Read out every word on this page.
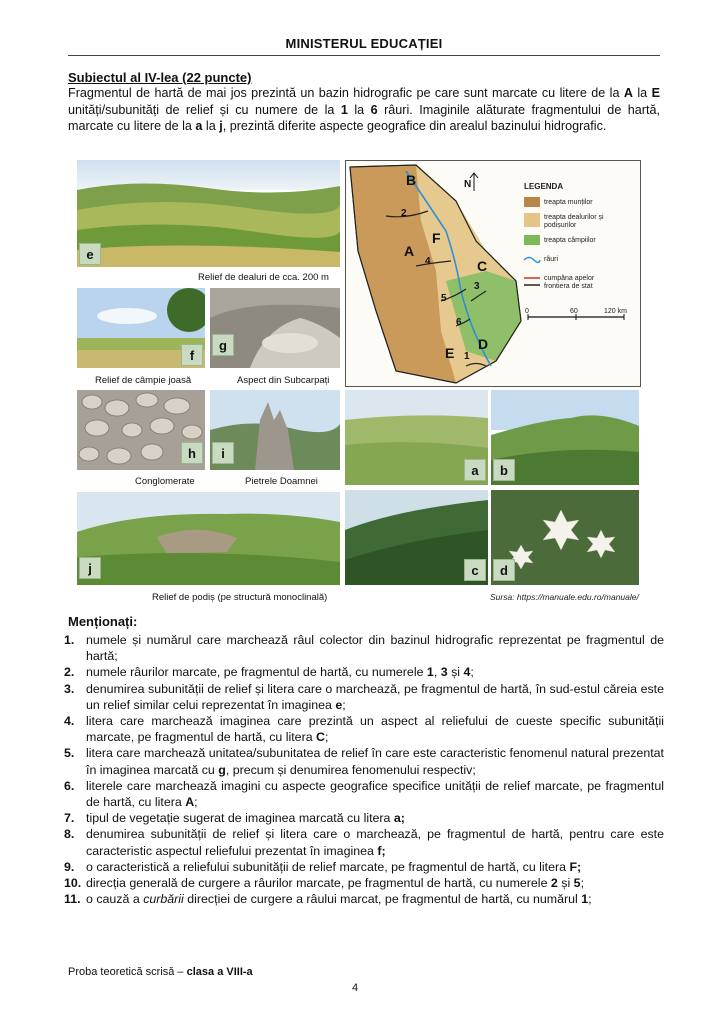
MINISTERUL EDUCAȚIEI
Subiectul al IV-lea (22 puncte)
Fragmentul de hartă de mai jos prezintă un bazin hidrografic pe care sunt marcate cu litere de la A la E unități/subunități de relief și cu numere de la 1 la 6 râuri. Imaginile alăturate fragmentului de hartă, marcate cu litere de la a la j, prezintă diferite aspecte geografice din arealul bazinului hidrografic.
e
Relief de dealuri de cca. 200 m
f
Relief de câmpie joasă
g
Aspect din Subcarpați
h
Conglomerate
i
Pietrele Doamnei
j
Relief de podiș (pe structură monoclinală)
B
A
F
C
D
E
2
4
5
3
6
1
N	LEGENDA
treapta munților
treapta dealurilor și
podișurilor
treapta câmpiilor
râuri
cumpăna apelor
frontiera de stat
0	60	120 km
a	b
c	d
Sursa: https://manuale.edu.ro/manuale/
Menționați:
1. numele și numărul care marchează râul colector din bazinul hidrografic reprezentat pe fragmentul de hartă;
2. numele râurilor marcate, pe fragmentul de hartă, cu numerele 1, 3 și 4;
3. denumirea subunității de relief și litera care o marchează, pe fragmentul de hartă, în sud-estul căreia este un relief similar celui reprezentat în imaginea e;
4. litera care marchează imaginea care prezintă un aspect al reliefului de cueste specific subunității marcate, pe fragmentul de hartă, cu litera C;
5. litera care marchează unitatea/subunitatea de relief în care este caracteristic fenomenul natural prezentat în imaginea marcată cu g, precum și denumirea fenomenului respectiv;
6. literele care marchează imagini cu aspecte geografice specifice unității de relief marcate, pe fragmentul de hartă, cu litera A;
7. tipul de vegetație sugerat de imaginea marcată cu litera a;
8. denumirea subunității de relief și litera care o marchează, pe fragmentul de hartă, pentru care este caracteristic aspectul reliefului prezentat în imaginea f;
9. o caracteristică a reliefului subunității de relief marcate, pe fragmentul de hartă, cu litera F;
10. direcția generală de curgere a râurilor marcate, pe fragmentul de hartă, cu numerele 2 și 5;
11. o cauză a curbării direcției de curgere a râului marcat, pe fragmentul de hartă, cu numărul 1;
Proba teoretică scrisă – clasa a VIII-a
4
